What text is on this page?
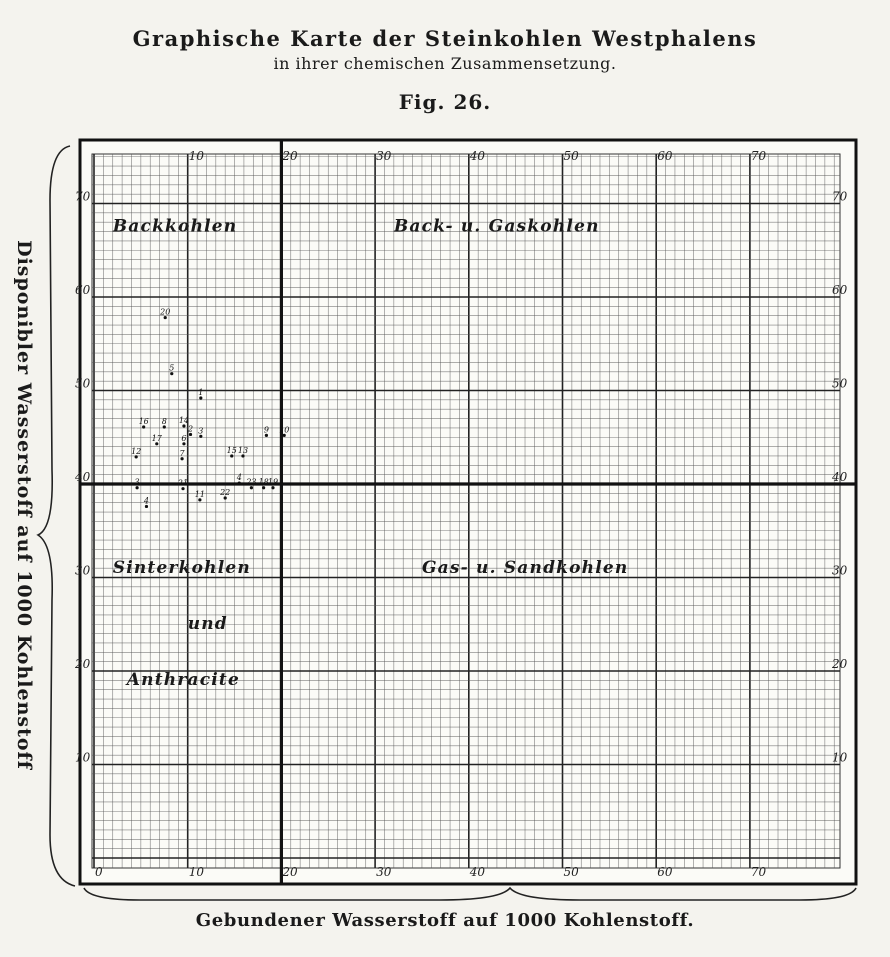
Graphische Karte der Steinkohlen Westphalens
in ihrer chemischen Zusammensetzung.
Fig. 26.
0	10	20	30	40	50	60	70
10	20	30	40	50	60	70
10
20
30
40
50
60
70
10
20
30
40
50
60
70
Backkohlen	Back- u. Gaskohlen
Sinterkohlen
und
Anthracite
Gas- u. Sandkohlen
20
5
1
16 8 14
2 3
17 6
12	7	15 13
9 10
4
23 18 19
21
11 22
3
4
Disponibler Wasserstoff auf 1000 Kohlenstoff
Gebundener Wasserstoff auf 1000 Kohlenstoff.
